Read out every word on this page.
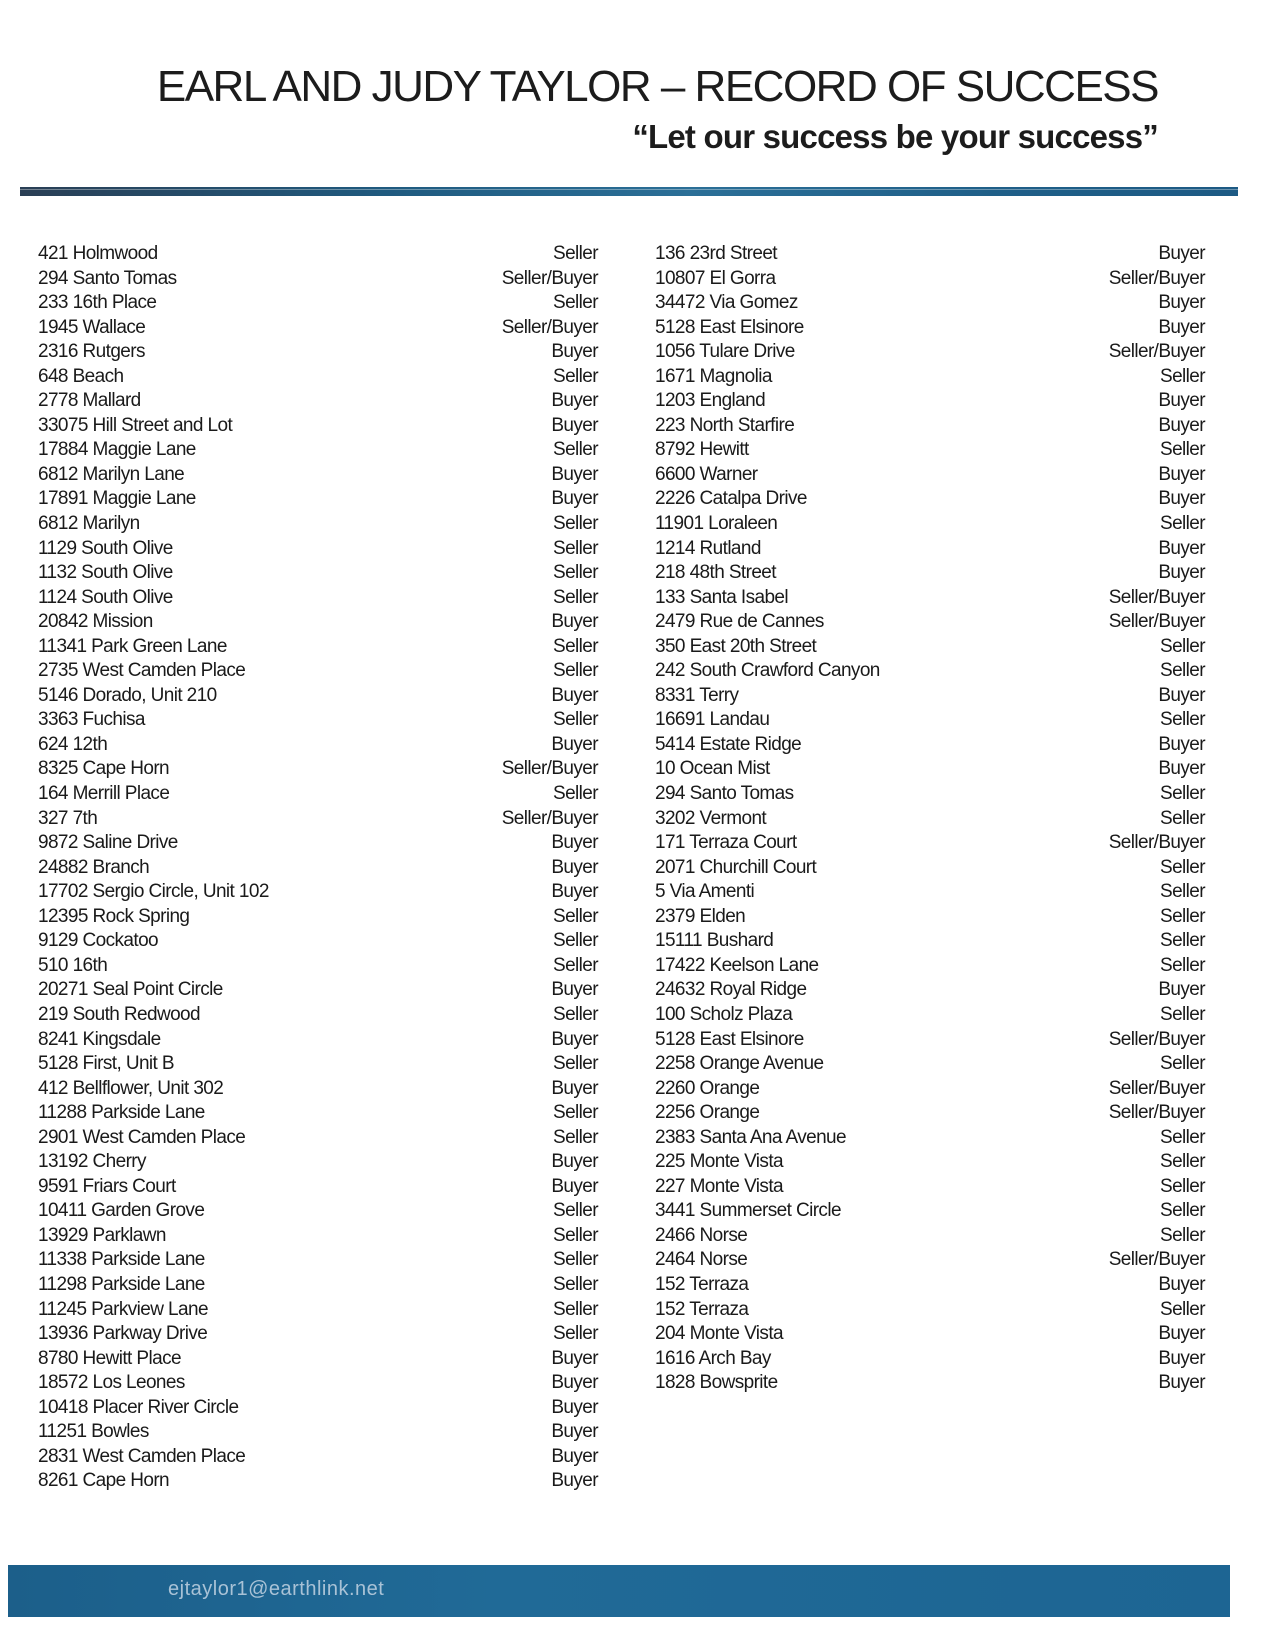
EARL AND JUDY TAYLOR – RECORD OF SUCCESS
“Let our success be your success”
421 Holmwood	Seller
294 Santo Tomas	Seller/Buyer
233 16th Place	Seller
1945 Wallace	Seller/Buyer
2316 Rutgers	Buyer
648 Beach	Seller
2778 Mallard	Buyer
33075 Hill Street and Lot	Buyer
17884 Maggie Lane	Seller
6812 Marilyn Lane	Buyer
17891 Maggie Lane	Buyer
6812 Marilyn	Seller
1129 South Olive	Seller
1132 South Olive	Seller
1124 South Olive	Seller
20842 Mission	Buyer
11341 Park Green Lane	Seller
2735 West Camden Place	Seller
5146 Dorado, Unit 210	Buyer
3363 Fuchisa	Seller
624 12th	Buyer
8325 Cape Horn	Seller/Buyer
164 Merrill Place	Seller
327 7th	Seller/Buyer
9872 Saline Drive	Buyer
24882 Branch	Buyer
17702 Sergio Circle, Unit 102	Buyer
12395 Rock Spring	Seller
9129 Cockatoo	Seller
510 16th	Seller
20271 Seal Point Circle	Buyer
219 South Redwood	Seller
8241 Kingsdale	Buyer
5128 First, Unit B	Seller
412 Bellflower, Unit 302	Buyer
11288 Parkside Lane	Seller
2901 West Camden Place	Seller
13192 Cherry	Buyer
9591 Friars Court	Buyer
10411 Garden Grove	Seller
13929 Parklawn	Seller
11338 Parkside Lane	Seller
11298 Parkside Lane	Seller
11245 Parkview Lane	Seller
13936 Parkway Drive	Seller
8780 Hewitt Place	Buyer
18572 Los Leones	Buyer
10418 Placer River Circle	Buyer
11251 Bowles	Buyer
2831 West Camden Place	Buyer
8261 Cape Horn	Buyer
136 23rd Street	Buyer
10807 El Gorra	Seller/Buyer
34472 Via Gomez	Buyer
5128 East Elsinore	Buyer
1056 Tulare Drive	Seller/Buyer
1671 Magnolia	Seller
1203 England	Buyer
223 North Starfire	Buyer
8792 Hewitt	Seller
6600 Warner	Buyer
2226 Catalpa Drive	Buyer
11901 Loraleen	Seller
1214 Rutland	Buyer
218 48th Street	Buyer
133 Santa Isabel	Seller/Buyer
2479 Rue de Cannes	Seller/Buyer
350 East 20th Street	Seller
242 South Crawford Canyon	Seller
8331 Terry	Buyer
16691 Landau	Seller
5414 Estate Ridge	Buyer
10 Ocean Mist	Buyer
294 Santo Tomas	Seller
3202 Vermont	Seller
171 Terraza Court	Seller/Buyer
2071 Churchill Court	Seller
5 Via Amenti	Seller
2379 Elden	Seller
15111 Bushard	Seller
17422 Keelson Lane	Seller
24632 Royal Ridge	Buyer
100 Scholz Plaza	Seller
5128 East Elsinore	Seller/Buyer
2258 Orange Avenue	Seller
2260 Orange	Seller/Buyer
2256 Orange	Seller/Buyer
2383 Santa Ana Avenue	Seller
225 Monte Vista	Seller
227 Monte Vista	Seller
3441 Summerset Circle	Seller
2466 Norse	Seller
2464 Norse	Seller/Buyer
152 Terraza	Buyer
152 Terraza	Seller
204 Monte Vista	Buyer
1616 Arch Bay	Buyer
1828 Bowsprite	Buyer
ejtaylor1@earthlink.net
